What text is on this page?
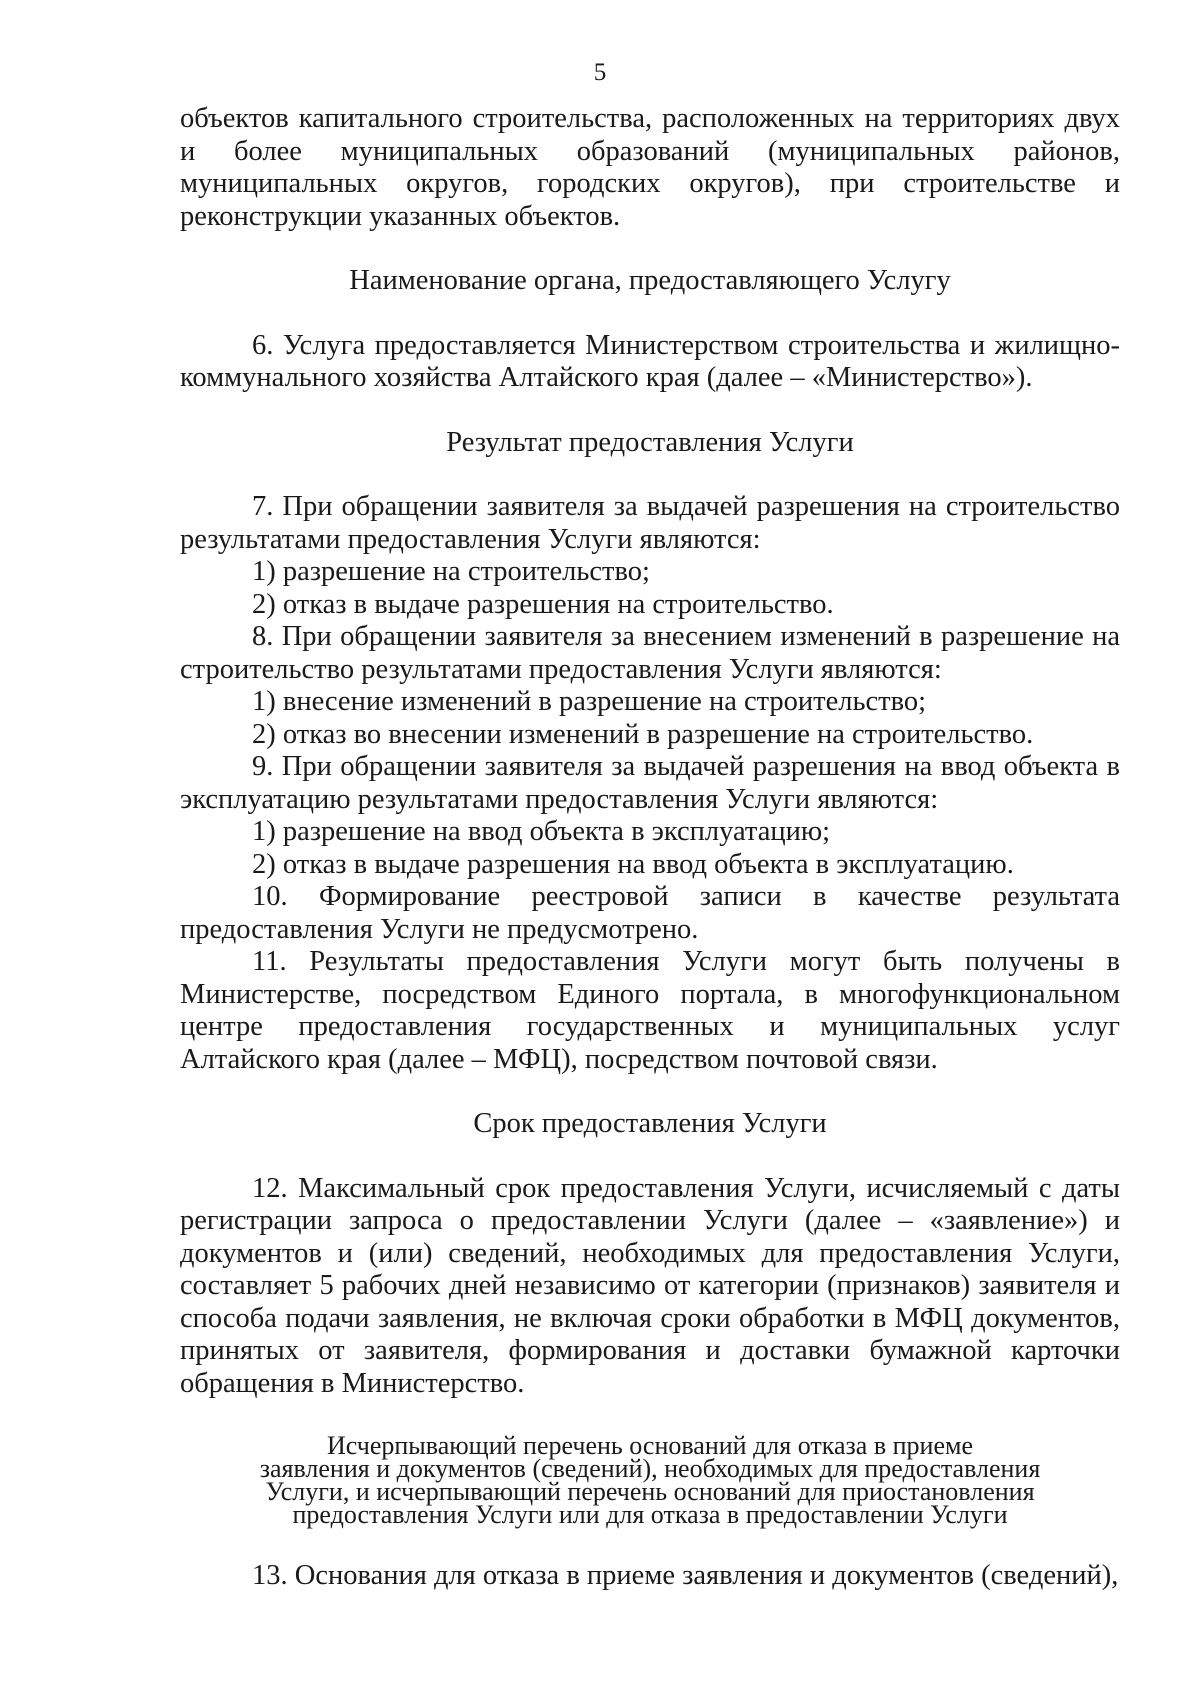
5

объектов капитального строительства, расположенных на территориях двух и более муниципальных образований (муниципальных районов, муниципальных округов, городских округов), при строительстве и реконструкции указанных объектов.

Наименование органа, предоставляющего Услугу

6. Услуга предоставляется Министерством строительства и жилищно-коммунального хозяйства Алтайского края (далее – «Министерство»).

Результат предоставления Услуги

7. При обращении заявителя за выдачей разрешения на строительство результатами предоставления Услуги являются:

1) разрешение на строительство;

2) отказ в выдаче разрешения на строительство.

8. При обращении заявителя за внесением изменений в разрешение на строительство результатами предоставления Услуги являются:

1) внесение изменений в разрешение на строительство;

2) отказ во внесении изменений в разрешение на строительство.

9. При обращении заявителя за выдачей разрешения на ввод объекта в эксплуатацию результатами предоставления Услуги являются:

1) разрешение на ввод объекта в эксплуатацию;

2) отказ в выдаче разрешения на ввод объекта в эксплуатацию.

10. Формирование реестровой записи в качестве результата предоставления Услуги не предусмотрено.

11. Результаты предоставления Услуги могут быть получены в Министерстве, посредством Единого портала, в многофункциональном центре предоставления государственных и муниципальных услуг Алтайского края (далее – МФЦ), посредством почтовой связи.

Срок предоставления Услуги

12. Максимальный срок предоставления Услуги, исчисляемый с даты регистрации запроса о предоставлении Услуги (далее – «заявление») и документов и (или) сведений, необходимых для предоставления Услуги, составляет 5 рабочих дней независимо от категории (признаков) заявителя и способа подачи заявления, не включая сроки обработки в МФЦ документов, принятых от заявителя, формирования и доставки бумажной карточки обращения в Министерство.

Исчерпывающий перечень оснований для отказа в приеме

заявления и документов (сведений), необходимых для предоставления

Услуги, и исчерпывающий перечень оснований для приостановления

предоставления Услуги или для отказа в предоставлении Услуги

13. Основания для отказа в приеме заявления и документов (сведений),
